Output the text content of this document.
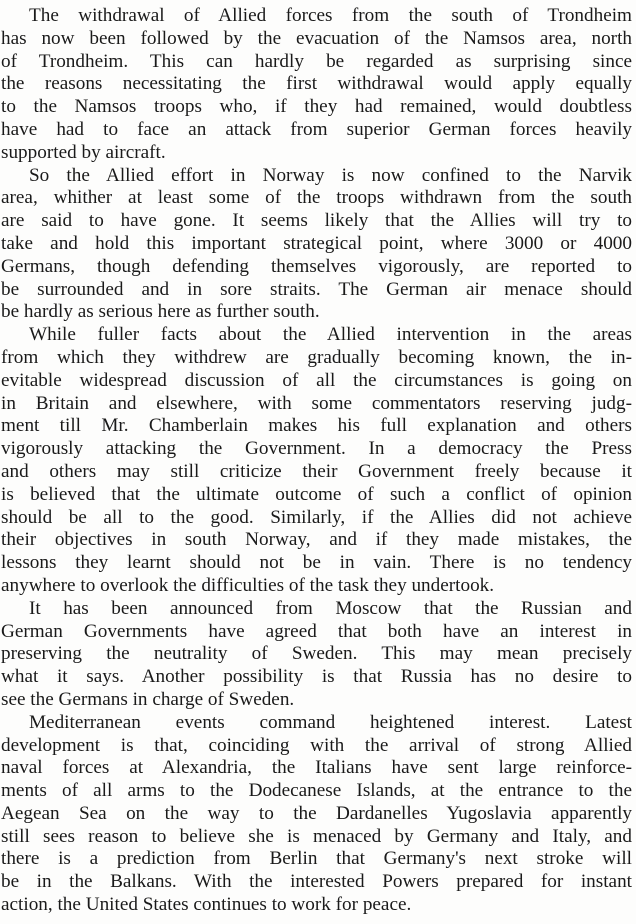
The withdrawal of Allied forces from the south of Trondheim
has now been followed by the evacuation of the Namsos area, north
of Trondheim. This can hardly be regarded as surprising since
the reasons necessitating the first withdrawal would apply equally
to the Namsos troops who, if they had remained, would doubtless
have had to face an attack from superior German forces heavily
supported by aircraft.
So the Allied effort in Norway is now confined to the Narvik
area, whither at least some of the troops withdrawn from the south
are said to have gone. It seems likely that the Allies will try to
take and hold this important strategical point, where 3000 or 4000
Germans, though defending themselves vigorously, are reported to
be surrounded and in sore straits. The German air menace should
be hardly as serious here as further south.
While fuller facts about the Allied intervention in the areas
from which they withdrew are gradually becoming known, the in-
evitable widespread discussion of all the circumstances is going on
in Britain and elsewhere, with some commentators reserving judg-
ment till Mr. Chamberlain makes his full explanation and others
vigorously attacking the Government. In a democracy the Press
and others may still criticize their Government freely because it
is believed that the ultimate outcome of such a conflict of opinion
should be all to the good. Similarly, if the Allies did not achieve
their objectives in south Norway, and if they made mistakes, the
lessons they learnt should not be in vain. There is no tendency
anywhere to overlook the difficulties of the task they undertook.
It has been announced from Moscow that the Russian and
German Governments have agreed that both have an interest in
preserving the neutrality of Sweden. This may mean precisely
what it says. Another possibility is that Russia has no desire to
see the Germans in charge of Sweden.
Mediterranean events command heightened interest. Latest
development is that, coinciding with the arrival of strong Allied
naval forces at Alexandria, the Italians have sent large reinforce-
ments of all arms to the Dodecanese Islands, at the entrance to the
Aegean Sea on the way to the Dardanelles Yugoslavia apparently
still sees reason to believe she is menaced by Germany and Italy, and
there is a prediction from Berlin that Germany's next stroke will
be in the Balkans. With the interested Powers prepared for instant
action, the United States continues to work for peace.
